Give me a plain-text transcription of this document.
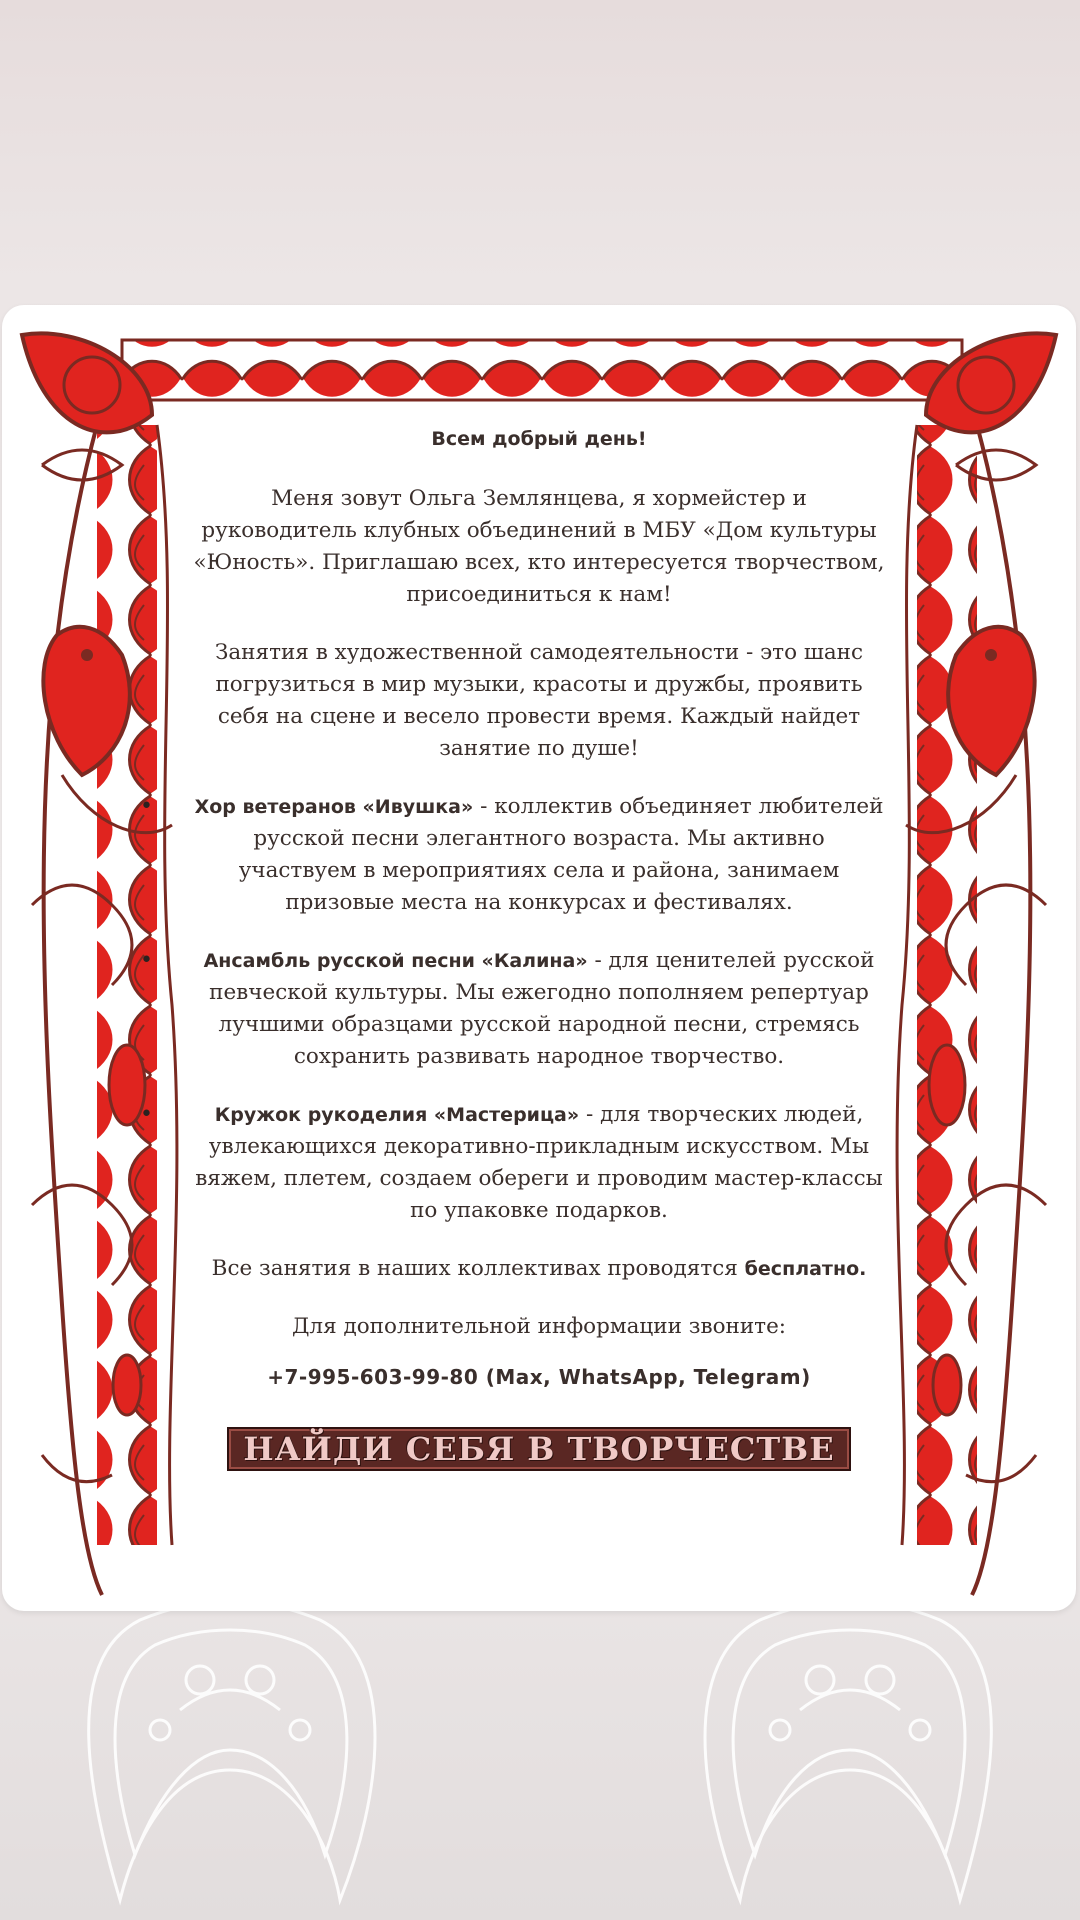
Всем добрый день!

Меня зовут Ольга Землянцева, я хормейстер и руководитель клубных объединений в МБУ «Дом культуры «Юность». Приглашаю всех, кто интересуется творчеством, присоединиться к нам!

Занятия в художественной самодеятельности - это шанс погрузиться в мир музыки, красоты и дружбы, проявить себя на сцене и весело провести время. Каждый найдет занятие по душе!

• Хор ветеранов «Ивушка» - коллектив объединяет любителей русской песни элегантного возраста. Мы активно участвуем в мероприятиях села и района, занимаем призовые места на конкурсах и фестивалях.
•	Ансамбль русской песни «Калина» - для ценителей русской певческой культуры. Мы ежегодно пополняем репертуар лучшими образцами русской народной песни, стремясь сохранить развивать народное творчество.
•	Кружок рукоделия «Мастерица» - для творческих людей, увлекающихся декоративно-прикладным искусством. Мы вяжем, плетем, создаем обереги и проводим мастер-классы по упаковке подарков.

Все занятия в наших коллективах проводятся бесплатно.

Для дополнительной информации звоните:

+7-995-603-99-80 (Max, WhatsApp, Telegram)

НАЙДИ СЕБЯ В ТВОРЧЕСТВЕ
